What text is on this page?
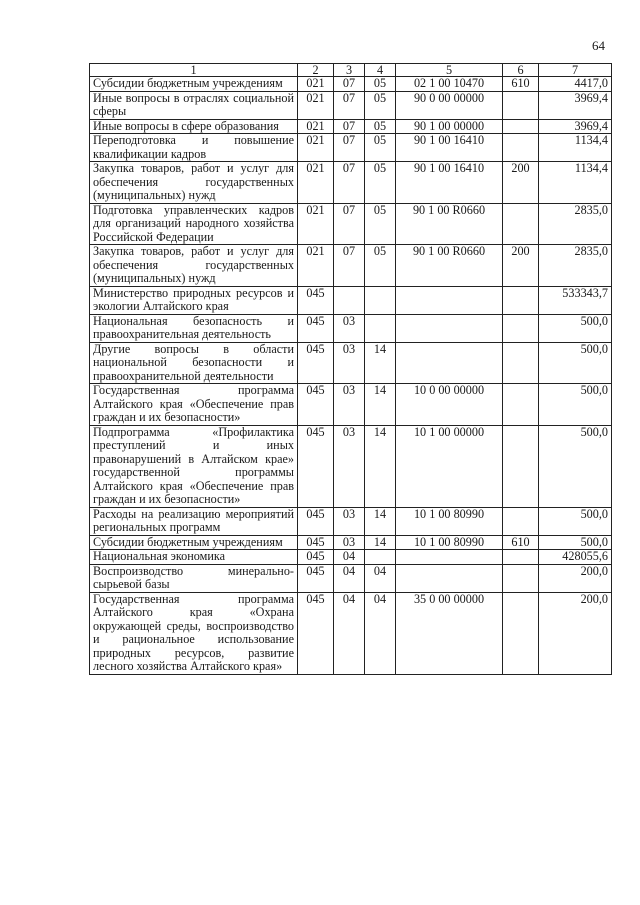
64
1	2	3	4	5	6	7
Субсидии бюджетным учреждениям	021	07	05	02 1 00 10470	610	4417,0
Иные вопросы в отраслях социальной сферы	021	07	05	90 0 00 00000		3969,4
Иные вопросы в сфере образования	021	07	05	90 1 00 00000		3969,4
Переподготовка и повышение квалификации кадров	021	07	05	90 1 00 16410		1134,4
Закупка товаров, работ и услуг для обеспечения государственных (муниципальных) нужд	021	07	05	90 1 00 16410	200	1134,4
Подготовка управленческих кадров для организаций народного хозяйства Российской Федерации	021	07	05	90 1 00 R0660		2835,0
Закупка товаров, работ и услуг для обеспечения государственных (муниципальных) нужд	021	07	05	90 1 00 R0660	200	2835,0
Министерство природных ресурсов и экологии Алтайского края	045					533343,7
Национальная безопасность и правоохранительная деятельность	045	03				500,0
Другие вопросы в области национальной безопасности и правоохранительной деятельности	045	03	14			500,0
Государственная программа Алтайского края «Обеспечение прав граждан и их безопасности»	045	03	14	10 0 00 00000		500,0
Подпрограмма «Профилактика преступлений и иных правонарушений в Алтайском крае» государственной программы Алтайского края «Обеспечение прав граждан и их безопасности»	045	03	14	10 1 00 00000		500,0
Расходы на реализацию мероприятий региональных программ	045	03	14	10 1 00 80990		500,0
Субсидии бюджетным учреждениям	045	03	14	10 1 00 80990	610	500,0
Национальная экономика	045	04				428055,6
Воспроизводство минерально-сырьевой базы	045	04	04			200,0
Государственная программа Алтайского края «Охрана окружающей среды, воспроизводство и рациональное использование природных ресурсов, развитие лесного хозяйства Алтайского края»	045	04	04	35 0 00 00000		200,0
